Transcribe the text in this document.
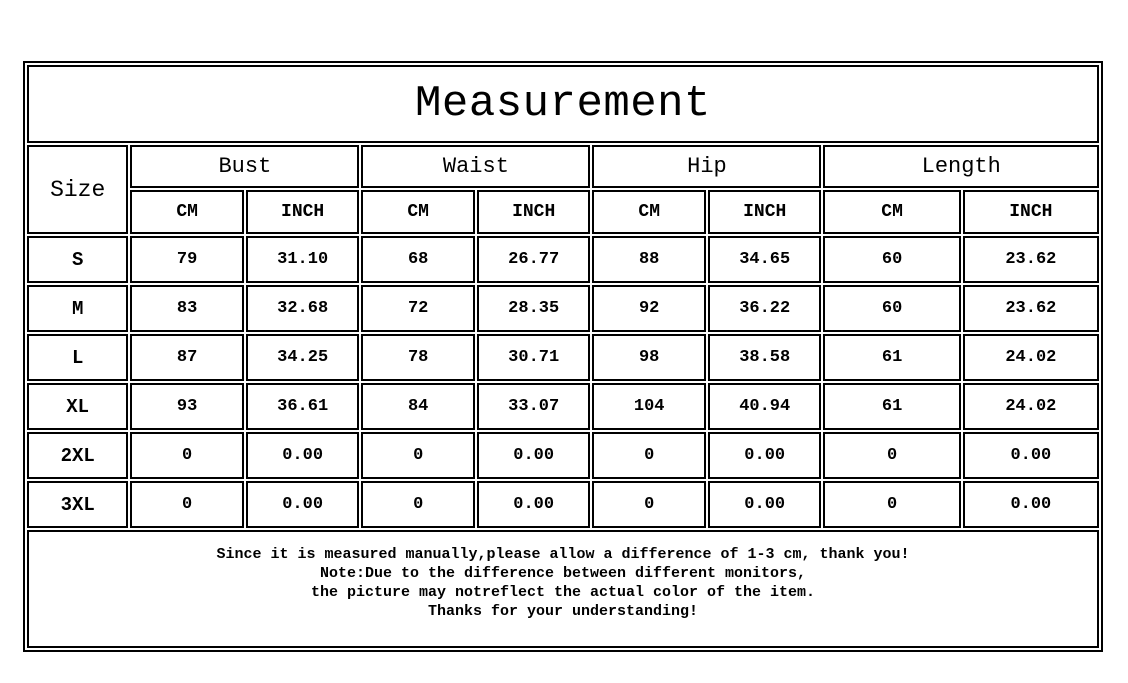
Measurement								
Size	Bust		Waist		Hip		Length	
	CM	INCH	CM	INCH	CM	INCH	CM	INCH
S	79	31.10	68	26.77	88	34.65	60	23.62
M	83	32.68	72	28.35	92	36.22	60	23.62
L	87	34.25	78	30.71	98	38.58	61	24.02
XL	93	36.61	84	33.07	104	40.94	61	24.02
2XL	0	0.00	0	0.00	0	0.00	0	0.00
3XL	0	0.00	0	0.00	0	0.00	0	0.00

Since it is measured manually,please allow a difference of 1-3 cm, thank you!
Note:Due to the difference between different monitors,
the picture may notreflect the actual color of the item.
Thanks for your understanding!								
